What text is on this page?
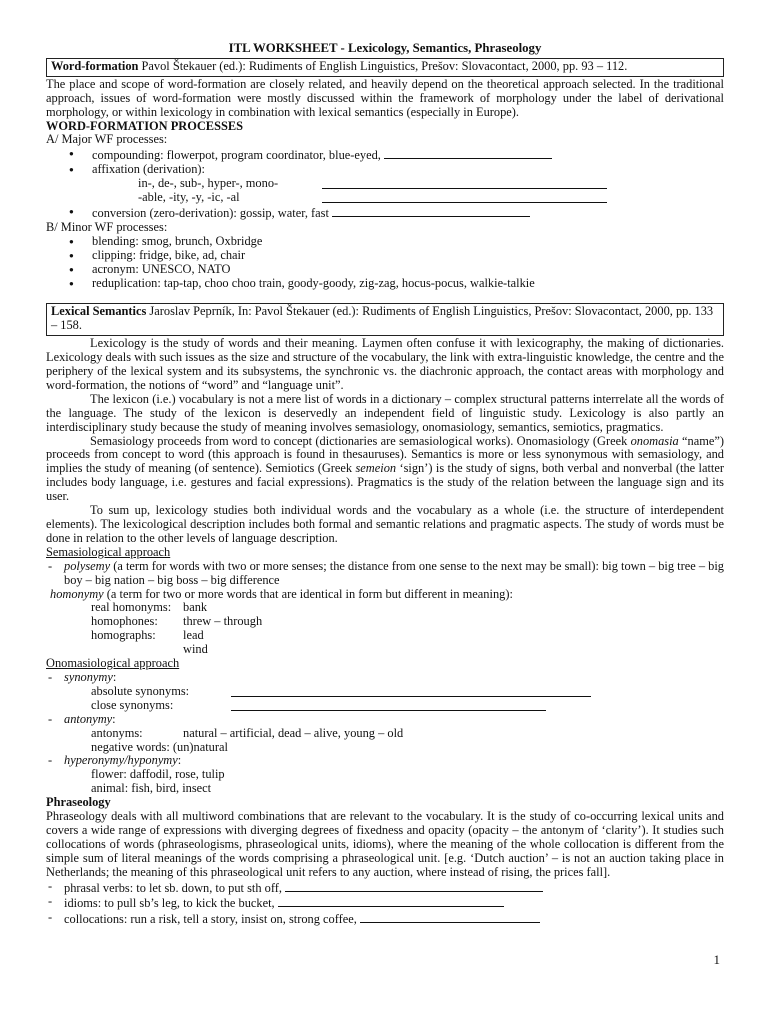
ITL WORKSHEET - Lexicology, Semantics, Phraseology
Word-formation Pavol Štekauer (ed.): Rudiments of English Linguistics, Prešov: Slovacontact, 2000, pp. 93 – 112.

The place and scope of word-formation are closely related, and heavily depend on the theoretical approach selected. In the traditional approach, issues of word-formation were mostly discussed within the framework of morphology under the label of derivational morphology, or within lexicology in combination with lexical semantics (especially in Europe).

WORD-FORMATION PROCESSES

A/ Major WF processes:

● compounding: flowerpot, program coordinator, blue-eyed,
● affixation (derivation):
in-, de-, sub-, hyper-, mono-
-able, -ity, -y, -ic, -al
● conversion (zero-derivation): gossip, water, fast

B/ Minor WF processes:

● blending: smog, brunch, Oxbridge
● clipping: fridge, bike, ad, chair
● acronym: UNESCO, NATO
● reduplication: tap-tap, choo choo train, goody-goody, zig-zag, hocus-pocus, walkie-talkie
Lexical Semantics Jaroslav Peprník, In: Pavol Štekauer (ed.): Rudiments of English Linguistics, Prešov: Slovacontact, 2000, pp. 133 – 158.

Lexicology is the study of words and their meaning. Laymen often confuse it with lexicography, the making of dictionaries. Lexicology deals with such issues as the size and structure of the vocabulary, the link with extra-linguistic knowledge, the centre and the periphery of the lexical system and its subsystems, the synchronic vs. the diachronic approach, the contact areas with morphology and word-formation, the notions of “word” and “language unit”.

The lexicon (i.e.) vocabulary is not a mere list of words in a dictionary – complex structural patterns interrelate all the words of the language. The study of the lexicon is deservedly an independent field of linguistic study. Lexicology is also partly an interdisciplinary study because the study of meaning involves semasiology, onomasiology, semantics, semiotics, pragmatics.

Semasiology proceeds from word to concept (dictionaries are semasiological works). Onomasiology (Greek onomasia “name”) proceeds from concept to word (this approach is found in thesauruses). Semantics is more or less synonymous with semasiology, and implies the study of meaning (of sentence). Semiotics (Greek semeion ‘sign’) is the study of signs, both verbal and nonverbal (the latter includes body language, i.e. gestures and facial expressions). Pragmatics is the study of the relation between the language sign and its user.

To sum up, lexicology studies both individual words and the vocabulary as a whole (i.e. the structure of interdependent elements). The lexicological description includes both formal and semantic relations and pragmatic aspects. The study of words must be done in relation to the other levels of language description.

Semasiological approach

- polysemy (a term for words with two or more senses; the distance from one sense to the next may be small): big town – big tree – big boy – big nation – big boss – big difference
homonymy (a term for two or more words that are identical in form but different in meaning):
real homonyms: bank
homophones:	threw – through
homographs:	lead
wind

Onomasiological approach

- synonymy:
absolute synonyms:
close synonyms:
- antonymy:
antonyms:	natural – artificial, dead – alive, young – old
negative words: (un)natural
- hyperonymy/hyponymy:
flower: daffodil, rose, tulip
animal: fish, bird, insect

Phraseology

Phraseology deals with all multiword combinations that are relevant to the vocabulary. It is the study of co-occurring lexical units and covers a wide range of expressions with diverging degrees of fixedness and opacity (opacity – the antonym of ‘clarity’). It studies such collocations of words (phraseologisms, phraseological units, idioms), where the meaning of the whole collocation is different from the simple sum of literal meanings of the words comprising a phraseological unit. [e.g. ‘Dutch auction’ – is not an auction taking place in Netherlands; the meaning of this phraseological unit refers to any auction, where instead of rising, the prices fall].

- phrasal verbs: to let sb. down, to put sth off,
- idioms: to pull sb’s leg, to kick the bucket,
- collocations: run a risk, tell a story, insist on, strong coffee,
1
